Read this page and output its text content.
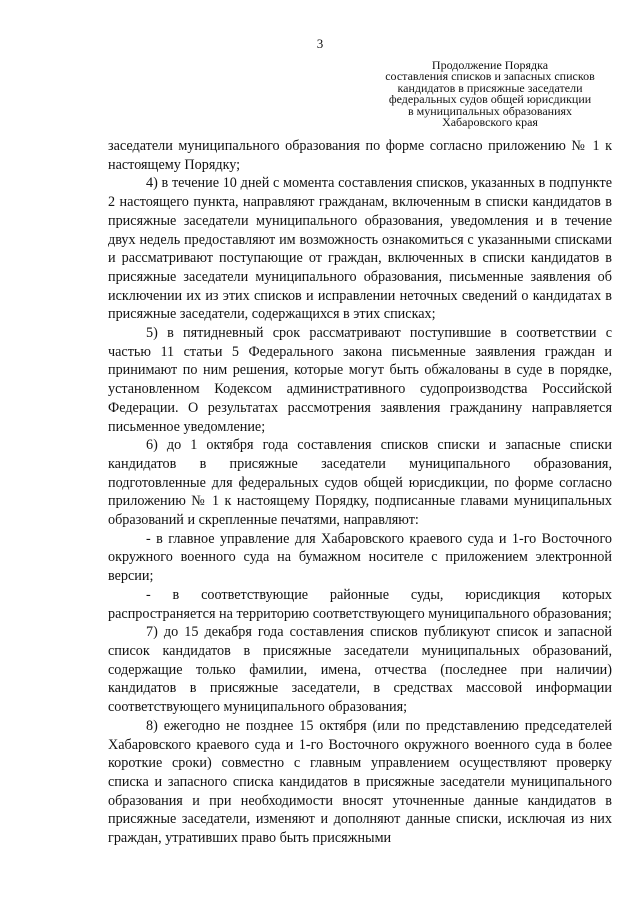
3
Продолжение Порядка
составления списков и запасных списков
кандидатов в присяжные заседатели
федеральных судов общей юрисдикции
в муниципальных образованиях
Хабаровского края

заседатели муниципального образования по форме согласно приложению № 1 к настоящему Порядку;

4) в течение 10 дней с момента составления списков, указанных в подпункте 2 настоящего пункта, направляют гражданам, включенным в списки кандидатов в присяжные заседатели муниципального образования, уведомления и в течение двух недель предоставляют им возможность ознакомиться с указанными списками и рассматривают поступающие от граждан, включенных в списки кандидатов в присяжные заседатели муниципального образования, письменные заявления об исключении их из этих списков и исправлении неточных сведений о кандидатах в присяжные заседатели, содержащихся в этих списках;

5) в пятидневный срок рассматривают поступившие в соответствии с частью 11 статьи 5 Федерального закона письменные заявления граждан и принимают по ним решения, которые могут быть обжалованы в суде в порядке, установленном Кодексом административного судопроизводства Российской Федерации. О результатах рассмотрения заявления гражданину направляется письменное уведомление;

6) до 1 октября года составления списков списки и запасные списки кандидатов в присяжные заседатели муниципального образования, подготовленные для федеральных судов общей юрисдикции, по форме согласно приложению № 1 к настоящему Порядку, подписанные главами муниципальных образований и скрепленные печатями, направляют:

- в главное управление для Хабаровского краевого суда и 1-го Восточного окружного военного суда на бумажном носителе с приложением электронной версии;

- в соответствующие районные суды, юрисдикция которых распространяется на территорию соответствующего муниципального образования;

7) до 15 декабря года составления списков публикуют список и запасной список кандидатов в присяжные заседатели муниципальных образований, содержащие только фамилии, имена, отчества (последнее при наличии) кандидатов в присяжные заседатели, в средствах массовой информации соответствующего муниципального образования;

8) ежегодно не позднее 15 октября (или по представлению председателей Хабаровского краевого суда и 1-го Восточного окружного военного суда в более короткие сроки) совместно с главным управлением осуществляют проверку списка и запасного списка кандидатов в присяжные заседатели муниципального образования и при необходимости вносят уточненные данные кандидатов в присяжные заседатели, изменяют и дополняют данные списки, исключая из них граждан, утративших право быть присяжными
